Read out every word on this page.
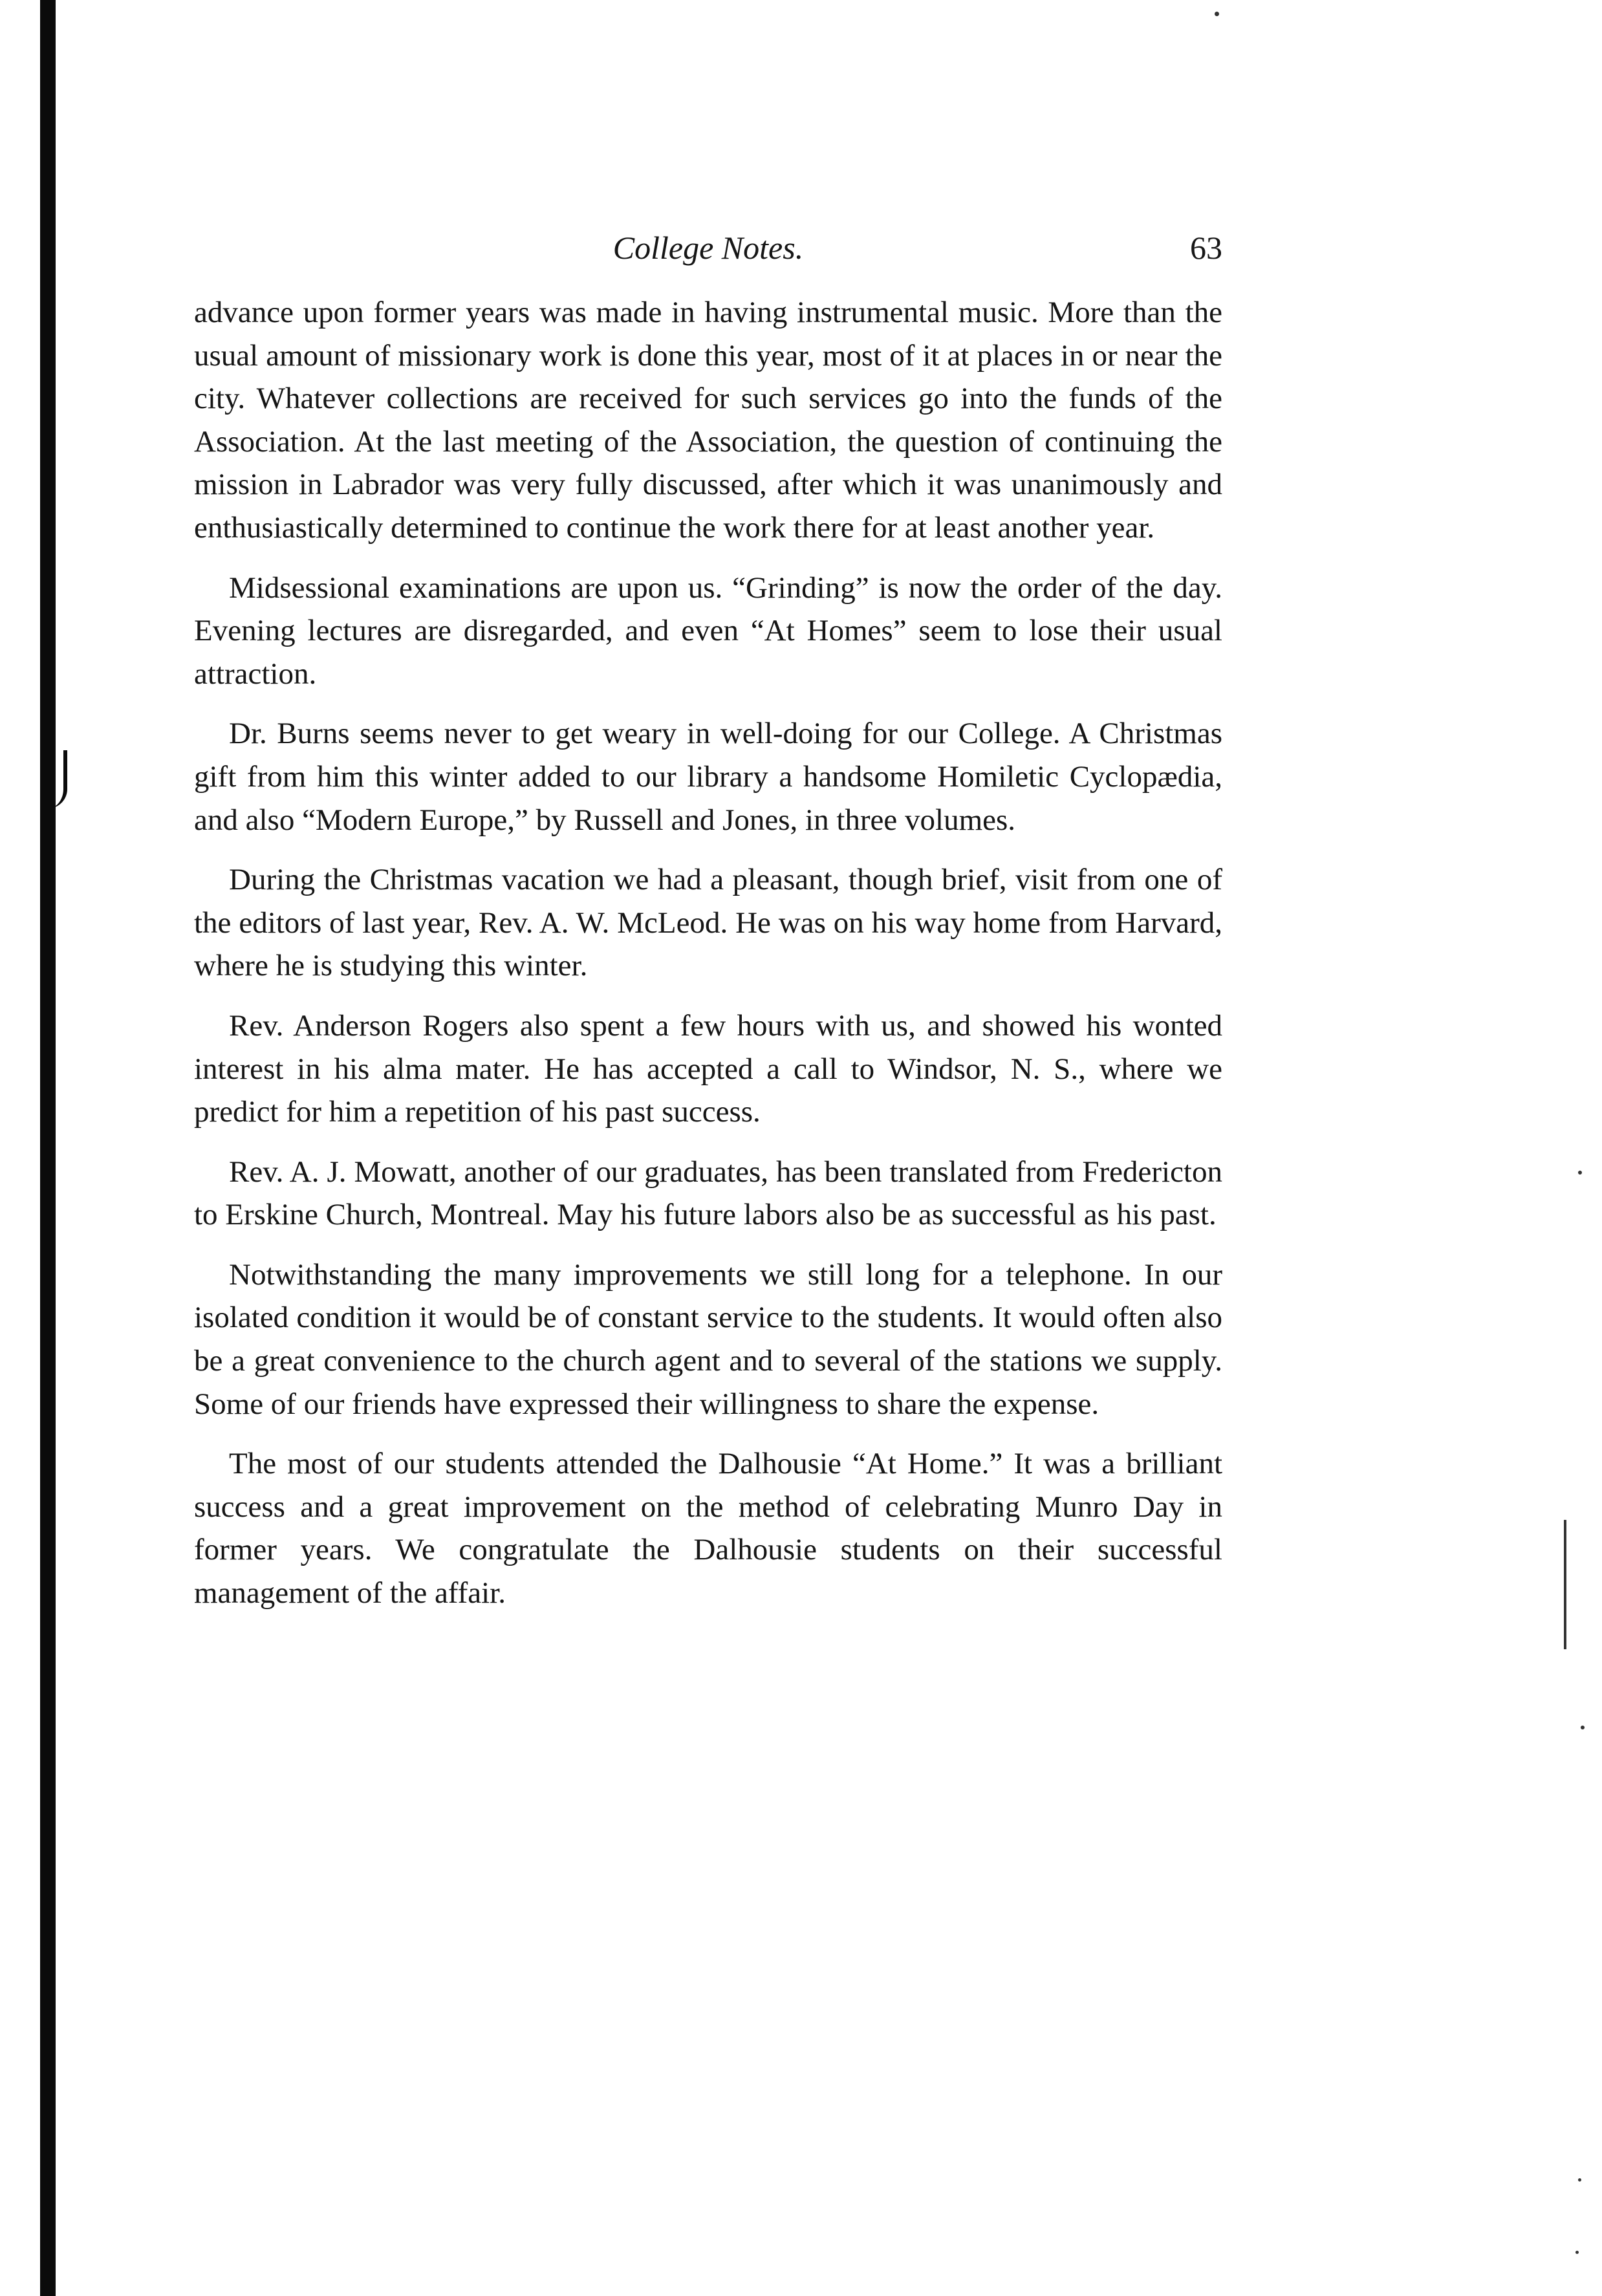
College Notes.	63

advance upon former years was made in having instrumental music. More than the usual amount of missionary work is done this year, most of it at places in or near the city. Whatever collections are received for such services go into the funds of the Association. At the last meeting of the Association, the question of continuing the mission in Labrador was very fully discussed, after which it was unanimously and enthusiastically determined to continue the work there for at least another year.

Midsessional examinations are upon us. “Grinding” is now the order of the day. Evening lectures are disregarded, and even “At Homes” seem to lose their usual attraction.

Dr. Burns seems never to get weary in well-doing for our College. A Christmas gift from him this winter added to our library a handsome Homiletic Cyclopædia, and also “Modern Europe,” by Russell and Jones, in three volumes.

During the Christmas vacation we had a pleasant, though brief, visit from one of the editors of last year, Rev. A. W. McLeod. He was on his way home from Harvard, where he is studying this winter.

Rev. Anderson Rogers also spent a few hours with us, and showed his wonted interest in his alma mater. He has accepted a call to Windsor, N. S., where we predict for him a repetition of his past success.

Rev. A. J. Mowatt, another of our graduates, has been translated from Fredericton to Erskine Church, Montreal. May his future labors also be as successful as his past.

Notwithstanding the many improvements we still long for a telephone. In our isolated condition it would be of constant service to the students. It would often also be a great convenience to the church agent and to several of the stations we supply. Some of our friends have expressed their willingness to share the expense.

The most of our students attended the Dalhousie “At Home.” It was a brilliant success and a great improvement on the method of celebrating Munro Day in former years. We congratulate the Dalhousie students on their successful management of the affair.
